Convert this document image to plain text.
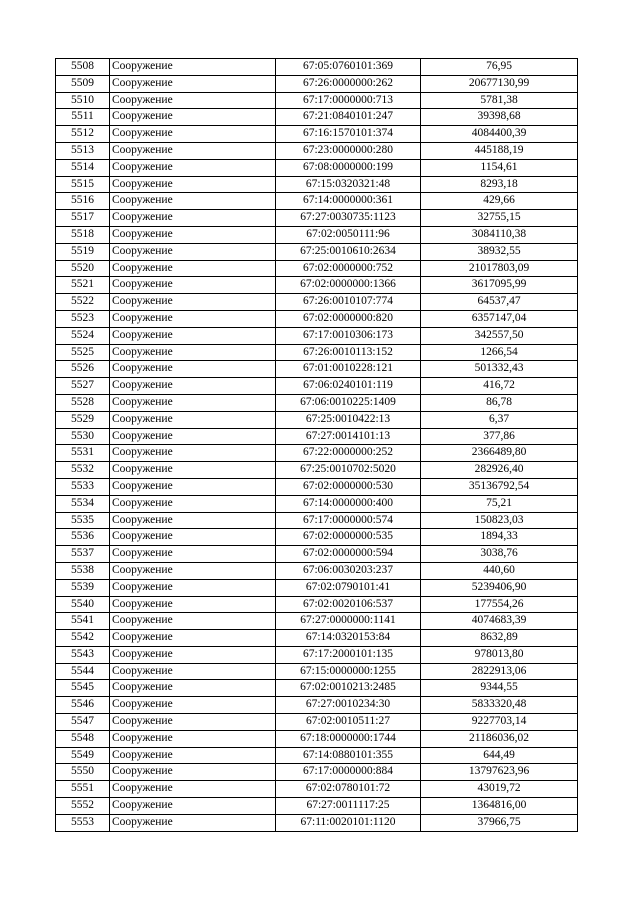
5508	Сооружение	67:05:0760101:369	76,95
5509	Сооружение	67:26:0000000:262	20677130,99
5510	Сооружение	67:17:0000000:713	5781,38
5511	Сооружение	67:21:0840101:247	39398,68
5512	Сооружение	67:16:1570101:374	4084400,39
5513	Сооружение	67:23:0000000:280	445188,19
5514	Сооружение	67:08:0000000:199	1154,61
5515	Сооружение	67:15:0320321:48	8293,18
5516	Сооружение	67:14:0000000:361	429,66
5517	Сооружение	67:27:0030735:1123	32755,15
5518	Сооружение	67:02:0050111:96	3084110,38
5519	Сооружение	67:25:0010610:2634	38932,55
5520	Сооружение	67:02:0000000:752	21017803,09
5521	Сооружение	67:02:0000000:1366	3617095,99
5522	Сооружение	67:26:0010107:774	64537,47
5523	Сооружение	67:02:0000000:820	6357147,04
5524	Сооружение	67:17:0010306:173	342557,50
5525	Сооружение	67:26:0010113:152	1266,54
5526	Сооружение	67:01:0010228:121	501332,43
5527	Сооружение	67:06:0240101:119	416,72
5528	Сооружение	67:06:0010225:1409	86,78
5529	Сооружение	67:25:0010422:13	6,37
5530	Сооружение	67:27:0014101:13	377,86
5531	Сооружение	67:22:0000000:252	2366489,80
5532	Сооружение	67:25:0010702:5020	282926,40
5533	Сооружение	67:02:0000000:530	35136792,54
5534	Сооружение	67:14:0000000:400	75,21
5535	Сооружение	67:17:0000000:574	150823,03
5536	Сооружение	67:02:0000000:535	1894,33
5537	Сооружение	67:02:0000000:594	3038,76
5538	Сооружение	67:06:0030203:237	440,60
5539	Сооружение	67:02:0790101:41	5239406,90
5540	Сооружение	67:02:0020106:537	177554,26
5541	Сооружение	67:27:0000000:1141	4074683,39
5542	Сооружение	67:14:0320153:84	8632,89
5543	Сооружение	67:17:2000101:135	978013,80
5544	Сооружение	67:15:0000000:1255	2822913,06
5545	Сооружение	67:02:0010213:2485	9344,55
5546	Сооружение	67:27:0010234:30	5833320,48
5547	Сооружение	67:02:0010511:27	9227703,14
5548	Сооружение	67:18:0000000:1744	21186036,02
5549	Сооружение	67:14:0880101:355	644,49
5550	Сооружение	67:17:0000000:884	13797623,96
5551	Сооружение	67:02:0780101:72	43019,72
5552	Сооружение	67:27:0011117:25	1364816,00
5553	Сооружение	67:11:0020101:1120	37966,75
